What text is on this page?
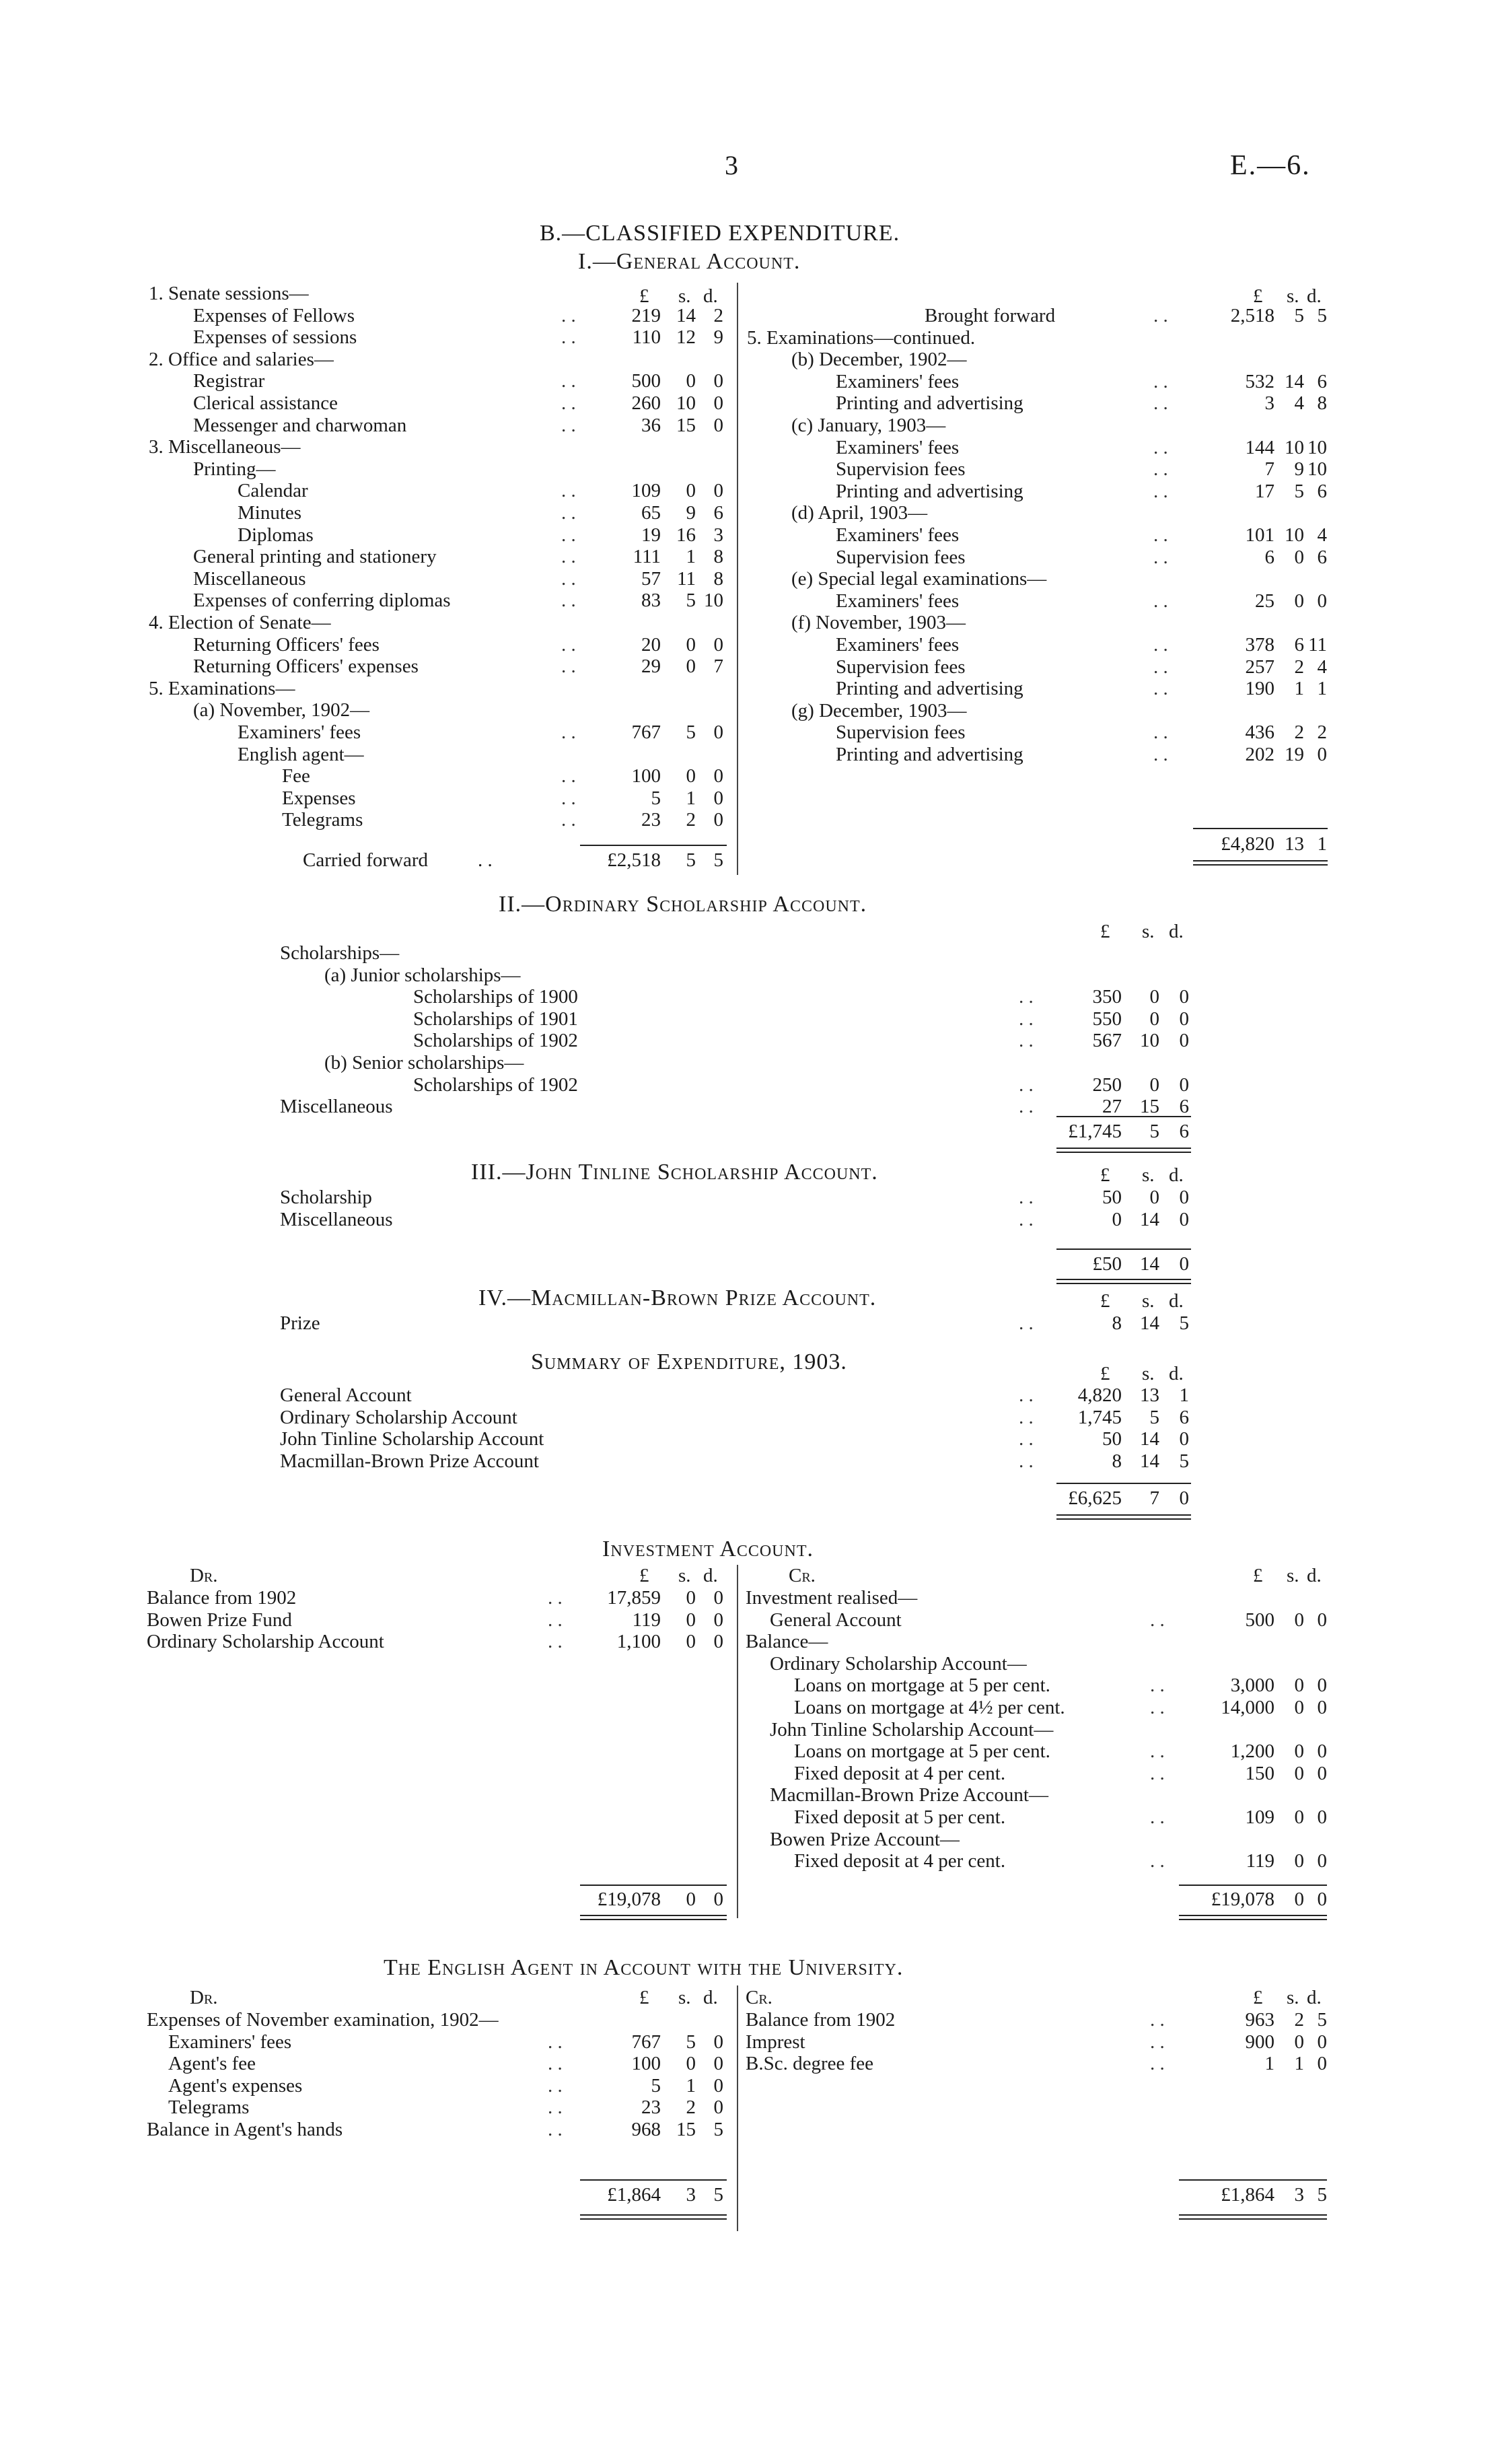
3	E.—6.
B.—CLASSIFIED EXPENDITURE.
I.—General Account.
£ s. d.
1. Senate sessions—
Expenses of Fellows	. .	219 14 2
Expenses of sessions	. .	110 12 9
2. Office and salaries—
Registrar	. .	500	0 0
Clerical assistance	. .	260 10 0
Messenger and charwoman	. .	36 15 0
3. Miscellaneous—
Printing—
Calendar	. .	109	0 0
Minutes	. .	65	9 6
Diplomas	. .	19 16 3
General printing and stationery	. .	111	1 8
Miscellaneous	. .	57 11 8
Expenses of conferring diplomas	. .	83	5 10
4. Election of Senate—
Returning Officers' fees	. .	20	0 0
Returning Officers' expenses	. .	29	0 7
5. Examinations—
(a) November, 1902—
Examiners' fees	. .	767	5 0
English agent—
Fee	. .	100	0 0
Expenses	. .	5	1 0
Telegrams	. .	23	2 0
Carried forward	. .	£2,518	5 5
£ s. d.
Brought forward	. .	2,518	5 5
5. Examinations—continued.
(b) December, 1902—
Examiners' fees	. .	532 14 6
Printing and advertising	. .	3	4 8
(c) January, 1903—
Examiners' fees	. .	144 10 10
Supervision fees	. .	7	9 10
Printing and advertising	. .	17	5 6
(d) April, 1903—
Examiners' fees	. .	101 10 4
Supervision fees	. .	6	0 6
(e) Special legal examinations—
Examiners' fees	. .	25	0 0
(f) November, 1903—
Examiners' fees	. .	378	6 11
Supervision fees	. .	257	2 4
Printing and advertising	. .	190	1 1
(g) December, 1903—
Supervision fees	. .	436	2 2
Printing and advertising	. .	202 19 0
£4,820 13 1
II.—Ordinary Scholarship Account.
£ s. d.
Scholarships—
(a) Junior scholarships—
Scholarships of 1900	. .	350	0	0
Scholarships of 1901	. .	550	0	0
Scholarships of 1902	. .	567 10	0
(b) Senior scholarships—
Scholarships of 1902	. .	250	0	0
Miscellaneous	. .	27 15	6
£1,745	5	6
III.—John Tinline Scholarship Account.	£ s. d.
Scholarship	. .	50	0	0
Miscellaneous	. .	0 14	0
£50 14	0
IV.—Macmillan-Brown Prize Account.	£ s. d.
Prize	. .	8 14	5
Summary of Expenditure, 1903.	£ s. d.
General Account	. .	4,820 13	1
Ordinary Scholarship Account	. .	1,745	5	6
John Tinline Scholarship Account	. .	50 14	0
Macmillan-Brown Prize Account	. .	8 14	5
£6,625	7	0
Investment Account.
Dr.	£ s. d.
Balance from 1902	. .	17,859	0 0
Bowen Prize Fund	. .	119	0 0
Ordinary Scholarship Account	. .	1,100	0 0
£19,078	0 0
Cr.	£ s. d.
Investment realised—
General Account	. .	500	0 0
Balance—
Ordinary Scholarship Account—
Loans on mortgage at 5 per cent.	. .	3,000	0 0
Loans on mortgage at 4½ per cent.	. .	14,000	0 0
John Tinline Scholarship Account—
Loans on mortgage at 5 per cent.	. .	1,200	0 0
Fixed deposit at 4 per cent.	. .	150	0 0
Macmillan-Brown Prize Account—
Fixed deposit at 5 per cent.	. .	109	0 0
Bowen Prize Account—
Fixed deposit at 4 per cent.	. .	119	0 0
£19,078	0 0
The English Agent in Account with the University.
Dr.	£ s. d.
Expenses of November examination, 1902—
Examiners' fees	. .	767	5 0
Agent's fee	. .	100	0 0
Agent's expenses	. .	5	1 0
Telegrams	. .	23	2 0
Balance in Agent's hands	. .	968 15 5
£1,864	3 5
Cr.	£ s. d.
Balance from 1902	. .	963	2 5
Imprest	. .	900	0 0
B.Sc. degree fee	. .	1	1 0
£1,864	3 5
